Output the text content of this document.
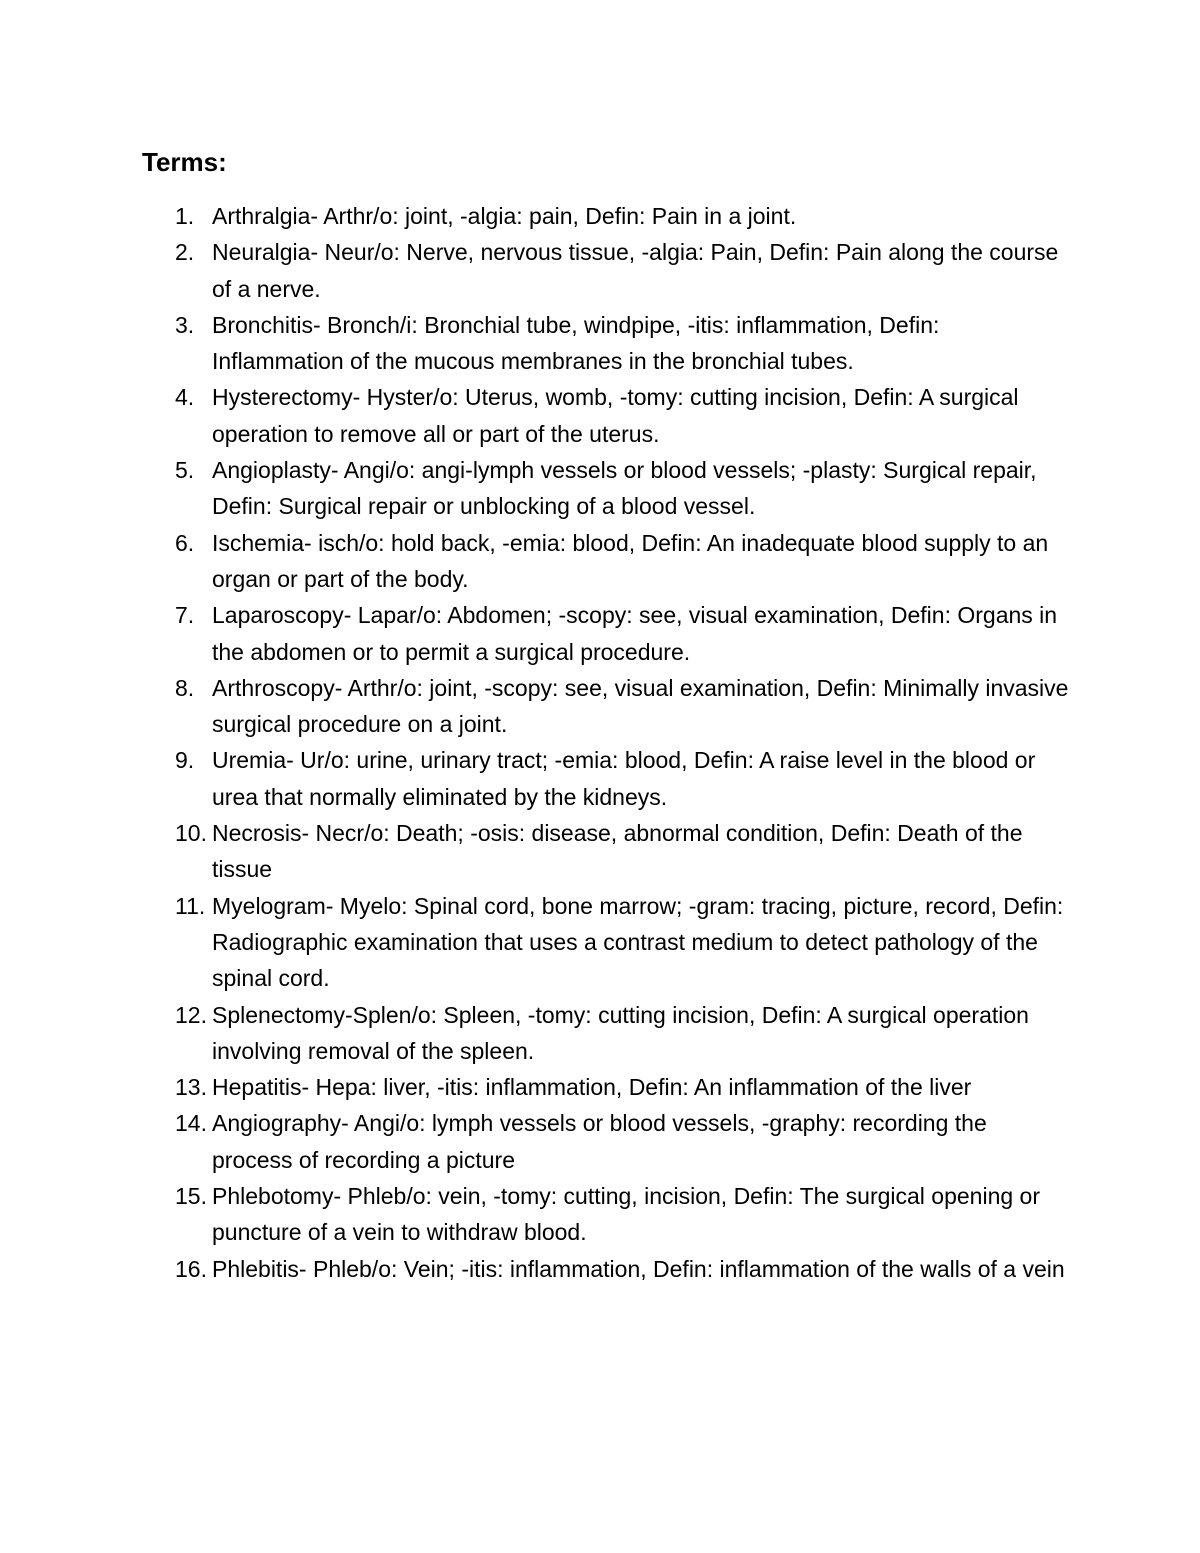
Terms:
1. Arthralgia- Arthr/o: joint, -algia: pain, Defin: Pain in a joint.
2. Neuralgia- Neur/o: Nerve, nervous tissue, -algia: Pain, Defin: Pain along the course of a nerve.
3. Bronchitis- Bronch/i: Bronchial tube, windpipe, -itis: inflammation, Defin: Inflammation of the mucous membranes in the bronchial tubes.
4. Hysterectomy- Hyster/o: Uterus, womb, -tomy: cutting incision, Defin: A surgical operation to remove all or part of the uterus.
5. Angioplasty- Angi/o: angi-lymph vessels or blood vessels; -plasty: Surgical repair, Defin: Surgical repair or unblocking of a blood vessel.
6. Ischemia- isch/o: hold back, -emia: blood, Defin: An inadequate blood supply to an organ or part of the body.
7. Laparoscopy- Lapar/o: Abdomen; -scopy: see, visual examination, Defin: Organs in the abdomen or to permit a surgical procedure.
8. Arthroscopy- Arthr/o: joint, -scopy: see, visual examination, Defin: Minimally invasive surgical procedure on a joint.
9. Uremia- Ur/o: urine, urinary tract; -emia: blood, Defin: A raise level in the blood or urea that normally eliminated by the kidneys.
10. Necrosis- Necr/o: Death; -osis: disease, abnormal condition, Defin: Death of the tissue
11. Myelogram- Myelo: Spinal cord, bone marrow; -gram: tracing, picture, record, Defin: Radiographic examination that uses a contrast medium to detect pathology of the spinal cord.
12. Splenectomy-Splen/o: Spleen, -tomy: cutting incision, Defin: A surgical operation involving removal of the spleen.
13. Hepatitis- Hepa: liver, -itis: inflammation, Defin: An inflammation of the liver
14. Angiography- Angi/o: lymph vessels or blood vessels, -graphy: recording the process of recording a picture
15. Phlebotomy- Phleb/o: vein, -tomy: cutting, incision, Defin: The surgical opening or puncture of a vein to withdraw blood.
16. Phlebitis- Phleb/o: Vein; -itis: inflammation, Defin: inflammation of the walls of a vein
